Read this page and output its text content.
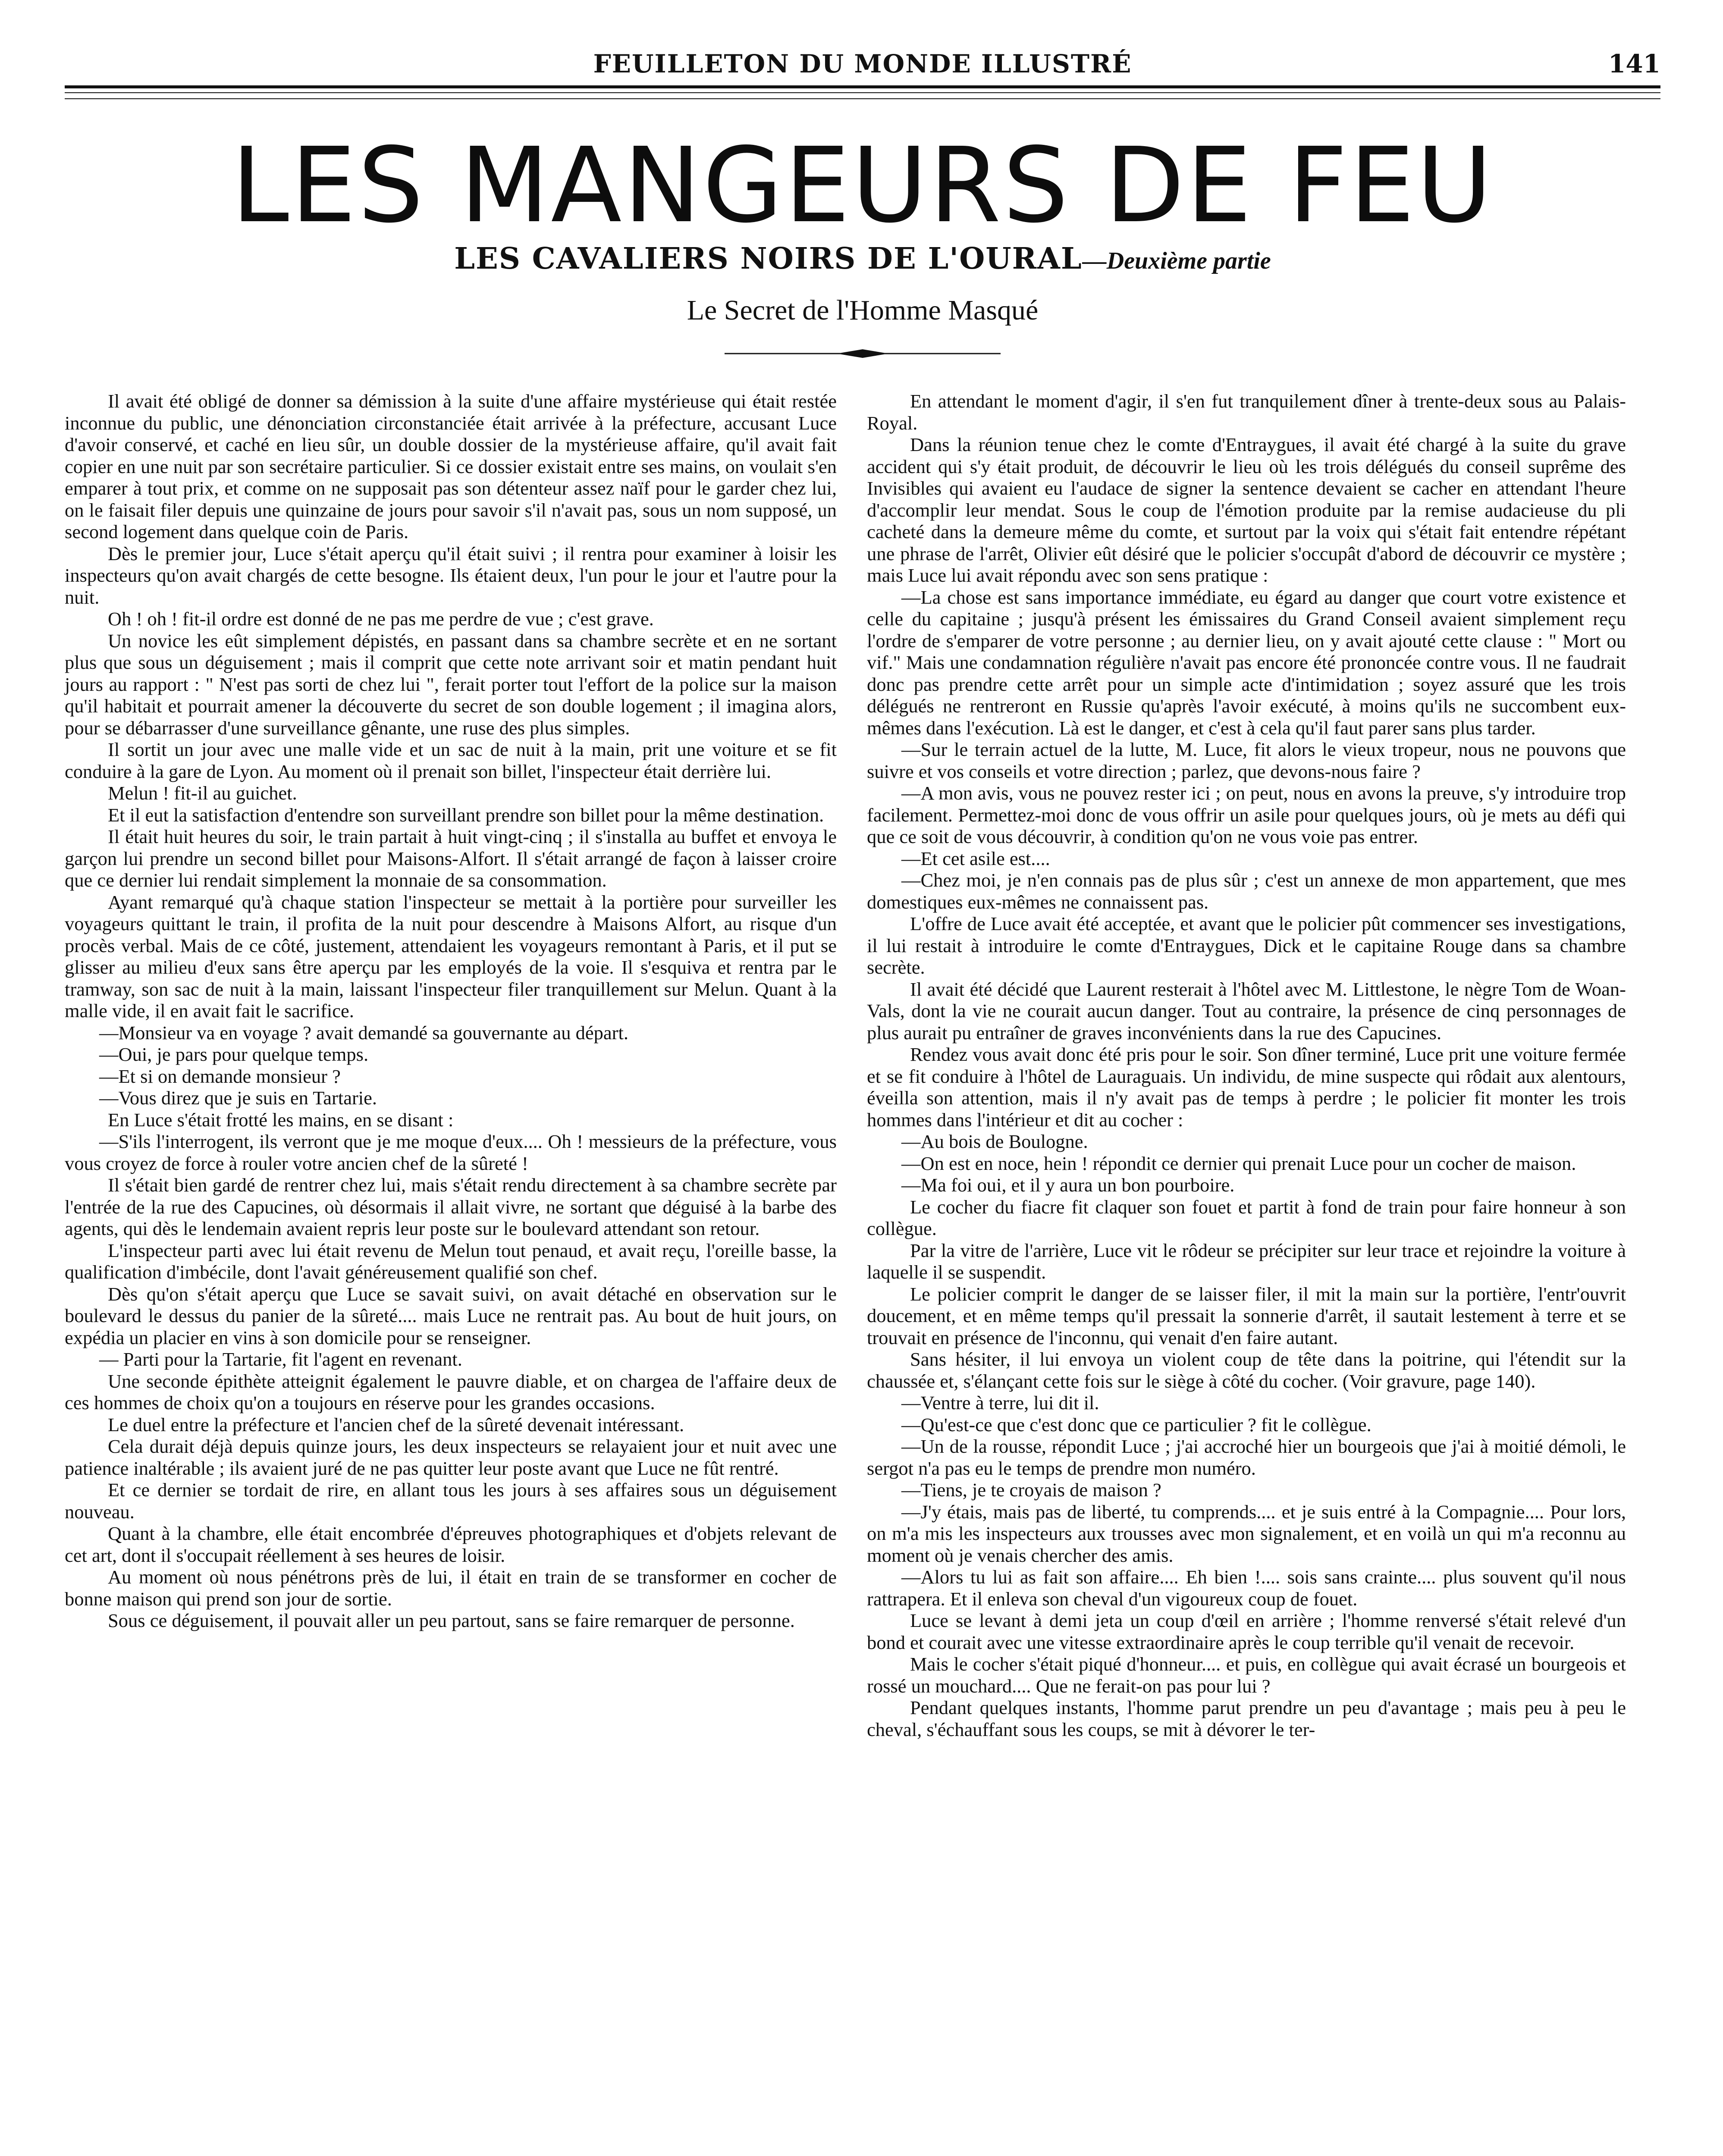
FEUILLETON DU MONDE ILLUSTRÉ	141
LES MANGEURS DE FEU
LES CAVALIERS NOIRS DE L'OURAL—Deuxième partie
Le Secret de l'Homme Masqué

Il avait été obligé de donner sa démission à la suite d'une affaire mystérieuse qui était restée inconnue du public, une dénonciation circonstanciée était arrivée à la préfecture, accusant Luce d'avoir conservé, et caché en lieu sûr, un double dossier de la mystérieuse affaire, qu'il avait fait copier en une nuit par son secrétaire particulier. Si ce dossier existait entre ses mains, on voulait s'en emparer à tout prix, et comme on ne supposait pas son détenteur assez naïf pour le garder chez lui, on le faisait filer depuis une quinzaine de jours pour savoir s'il n'avait pas, sous un nom supposé, un second logement dans quelque coin de Paris.

Dès le premier jour, Luce s'était aperçu qu'il était suivi ; il rentra pour examiner à loisir les inspecteurs qu'on avait chargés de cette besogne. Ils étaient deux, l'un pour le jour et l'autre pour la nuit.

Oh ! oh ! fit-il ordre est donné de ne pas me perdre de vue ; c'est grave.

Un novice les eût simplement dépistés, en passant dans sa chambre secrète et en ne sortant plus que sous un déguisement ; mais il comprit que cette note arrivant soir et matin pendant huit jours au rapport : " N'est pas sorti de chez lui ", ferait porter tout l'effort de la police sur la maison qu'il habitait et pourrait amener la découverte du secret de son double logement ; il imagina alors, pour se débarrasser d'une surveillance gênante, une ruse des plus simples.

Il sortit un jour avec une malle vide et un sac de nuit à la main, prit une voiture et se fit conduire à la gare de Lyon. Au moment où il prenait son billet, l'inspecteur était derrière lui.

Melun ! fit-il au guichet.

Et il eut la satisfaction d'entendre son surveillant prendre son billet pour la même destination.

Il était huit heures du soir, le train partait à huit vingt-cinq ; il s'installa au buffet et envoya le garçon lui prendre un second billet pour Maisons-Alfort. Il s'était arrangé de façon à laisser croire que ce dernier lui rendait simplement la monnaie de sa consommation.

Ayant remarqué qu'à chaque station l'inspecteur se mettait à la portière pour surveiller les voyageurs quittant le train, il profita de la nuit pour descendre à Maisons Alfort, au risque d'un procès verbal. Mais de ce côté, justement, attendaient les voyageurs remontant à Paris, et il put se glisser au milieu d'eux sans être aperçu par les employés de la voie. Il s'esquiva et rentra par le tramway, son sac de nuit à la main, laissant l'inspecteur filer tranquillement sur Melun. Quant à la malle vide, il en avait fait le sacrifice.

—Monsieur va en voyage ? avait demandé sa gouvernante au départ.

—Oui, je pars pour quelque temps.

—Et si on demande monsieur ?

—Vous direz que je suis en Tartarie.

En Luce s'était frotté les mains, en se disant :

—S'ils l'interrogent, ils verront que je me moque d'eux.... Oh ! messieurs de la préfecture, vous vous croyez de force à rouler votre ancien chef de la sûreté !

Il s'était bien gardé de rentrer chez lui, mais s'était rendu directement à sa chambre secrète par l'entrée de la rue des Capucines, où désormais il allait vivre, ne sortant que déguisé à la barbe des agents, qui dès le lendemain avaient repris leur poste sur le boulevard attendant son retour.

L'inspecteur parti avec lui était revenu de Melun tout penaud, et avait reçu, l'oreille basse, la qualification d'imbécile, dont l'avait généreusement qualifié son chef.

Dès qu'on s'était aperçu que Luce se savait suivi, on avait détaché en observation sur le boulevard le dessus du panier de la sûreté.... mais Luce ne rentrait pas. Au bout de huit jours, on expédia un placier en vins à son domicile pour se renseigner.

— Parti pour la Tartarie, fit l'agent en revenant.

Une seconde épithète atteignit également le pauvre diable, et on chargea de l'affaire deux de ces hommes de choix qu'on a toujours en réserve pour les grandes occasions.

Le duel entre la préfecture et l'ancien chef de la sûreté devenait intéressant.

Cela durait déjà depuis quinze jours, les deux inspecteurs se relayaient jour et nuit avec une patience inaltérable ; ils avaient juré de ne pas quitter leur poste avant que Luce ne fût rentré.

Et ce dernier se tordait de rire, en allant tous les jours à ses affaires sous un déguisement nouveau.

Quant à la chambre, elle était encombrée d'épreuves photographiques et d'objets relevant de cet art, dont il s'occupait réellement à ses heures de loisir.

Au moment où nous pénétrons près de lui, il était en train de se transformer en cocher de bonne maison qui prend son jour de sortie.

Sous ce déguisement, il pouvait aller un peu partout, sans se faire remarquer de personne.

En attendant le moment d'agir, il s'en fut tranquilement dîner à trente-deux sous au Palais-Royal.

Dans la réunion tenue chez le comte d'Entraygues, il avait été chargé à la suite du grave accident qui s'y était produit, de découvrir le lieu où les trois délégués du conseil suprême des Invisibles qui avaient eu l'audace de signer la sentence devaient se cacher en attendant l'heure d'accomplir leur mendat. Sous le coup de l'émotion produite par la remise audacieuse du pli cacheté dans la demeure même du comte, et surtout par la voix qui s'était fait entendre répétant une phrase de l'arrêt, Olivier eût désiré que le policier s'occupât d'abord de découvrir ce mystère ; mais Luce lui avait répondu avec son sens pratique :

—La chose est sans importance immédiate, eu égard au danger que court votre existence et celle du capitaine ; jusqu'à présent les émissaires du Grand Conseil avaient simplement reçu l'ordre de s'emparer de votre personne ; au dernier lieu, on y avait ajouté cette clause : " Mort ou vif." Mais une condamnation régulière n'avait pas encore été prononcée contre vous. Il ne faudrait donc pas prendre cette arrêt pour un simple acte d'intimidation ; soyez assuré que les trois délégués ne rentreront en Russie qu'après l'avoir exécuté, à moins qu'ils ne succombent eux-mêmes dans l'exécution. Là est le danger, et c'est à cela qu'il faut parer sans plus tarder.

—Sur le terrain actuel de la lutte, M. Luce, fit alors le vieux tropeur, nous ne pouvons que suivre et vos conseils et votre direction ; parlez, que devons-nous faire ?

—A mon avis, vous ne pouvez rester ici ; on peut, nous en avons la preuve, s'y introduire trop facilement. Permettez-moi donc de vous offrir un asile pour quelques jours, où je mets au défi qui que ce soit de vous découvrir, à condition qu'on ne vous voie pas entrer.

—Et cet asile est....

—Chez moi, je n'en connais pas de plus sûr ; c'est un annexe de mon appartement, que mes domestiques eux-mêmes ne connaissent pas.

L'offre de Luce avait été acceptée, et avant que le policier pût commencer ses investigations, il lui restait à introduire le comte d'Entraygues, Dick et le capitaine Rouge dans sa chambre secrète.

Il avait été décidé que Laurent resterait à l'hôtel avec M. Littlestone, le nègre Tom de Woan-Vals, dont la vie ne courait aucun danger. Tout au contraire, la présence de cinq personnages de plus aurait pu entraîner de graves inconvénients dans la rue des Capucines.

Rendez vous avait donc été pris pour le soir. Son dîner terminé, Luce prit une voiture fermée et se fit conduire à l'hôtel de Lauraguais. Un individu, de mine suspecte qui rôdait aux alentours, éveilla son attention, mais il n'y avait pas de temps à perdre ; le policier fit monter les trois hommes dans l'intérieur et dit au cocher :

—Au bois de Boulogne.

—On est en noce, hein ! répondit ce dernier qui prenait Luce pour un cocher de maison.

—Ma foi oui, et il y aura un bon pourboire.

Le cocher du fiacre fit claquer son fouet et partit à fond de train pour faire honneur à son collègue.

Par la vitre de l'arrière, Luce vit le rôdeur se précipiter sur leur trace et rejoindre la voiture à laquelle il se suspendit.

Le policier comprit le danger de se laisser filer, il mit la main sur la portière, l'entr'ouvrit doucement, et en même temps qu'il pressait la sonnerie d'arrêt, il sautait lestement à terre et se trouvait en présence de l'inconnu, qui venait d'en faire autant.

Sans hésiter, il lui envoya un violent coup de tête dans la poitrine, qui l'étendit sur la chaussée et, s'élançant cette fois sur le siège à côté du cocher. (Voir gravure, page 140).

—Ventre à terre, lui dit il.

—Qu'est-ce que c'est donc que ce particulier ? fit le collègue.

—Un de la rousse, répondit Luce ; j'ai accroché hier un bourgeois que j'ai à moitié démoli, le sergot n'a pas eu le temps de prendre mon numéro.

—Tiens, je te croyais de maison ?

—J'y étais, mais pas de liberté, tu comprends.... et je suis entré à la Compagnie.... Pour lors, on m'a mis les inspecteurs aux trousses avec mon signalement, et en voilà un qui m'a reconnu au moment où je venais chercher des amis.

—Alors tu lui as fait son affaire.... Eh bien !.... sois sans crainte.... plus souvent qu'il nous rattrapera. Et il enleva son cheval d'un vigoureux coup de fouet.

Luce se levant à demi jeta un coup d'œil en arrière ; l'homme renversé s'était relevé d'un bond et courait avec une vitesse extraordinaire après le coup terrible qu'il venait de recevoir.

Mais le cocher s'était piqué d'honneur.... et puis, en collègue qui avait écrasé un bourgeois et rossé un mouchard.... Que ne ferait-on pas pour lui ?

Pendant quelques instants, l'homme parut prendre un peu d'avantage ; mais peu à peu le cheval, s'échauffant sous les coups, se mit à dévorer le ter-
